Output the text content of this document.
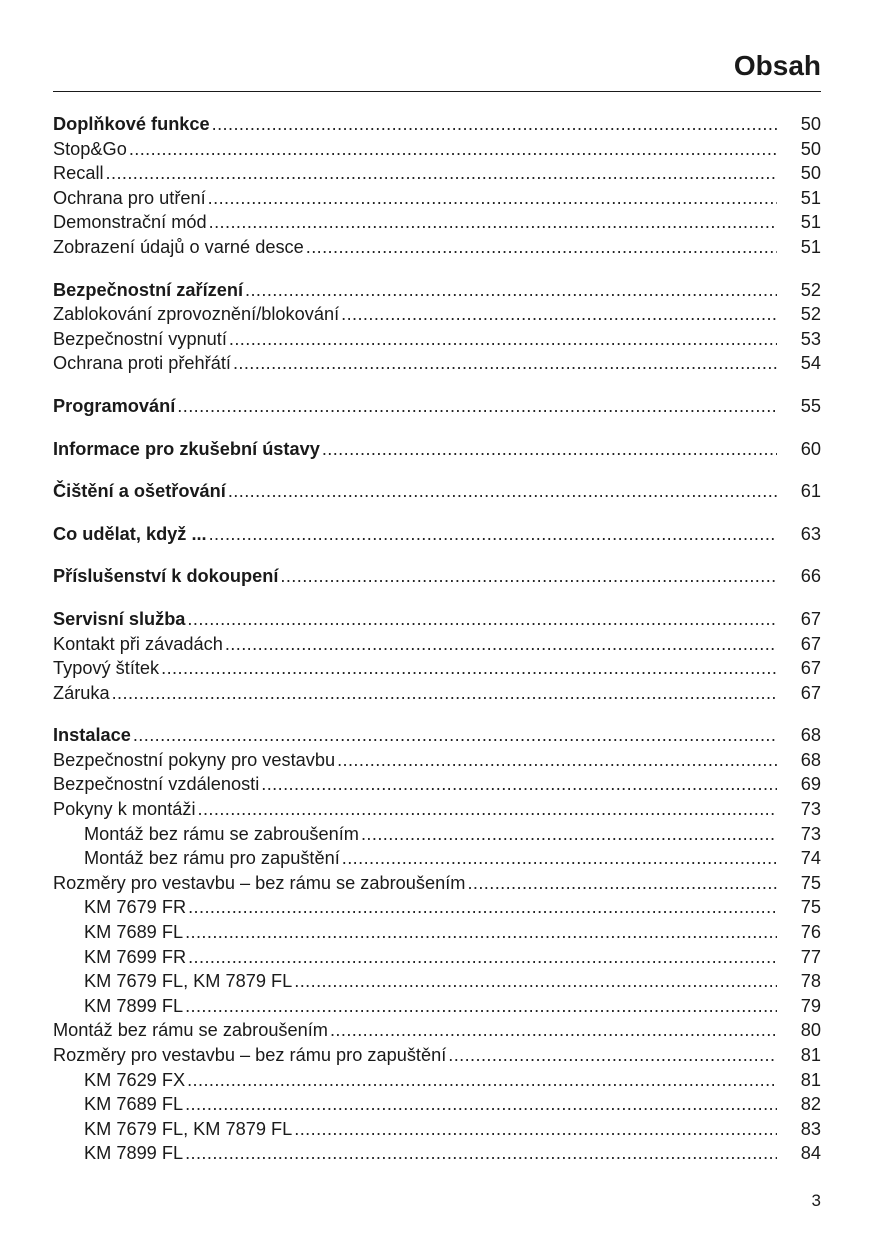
Obsah
Doplňkové funkce .....	50
Stop&Go .....	50
Recall .....	50
Ochrana pro utření .....	51
Demonstrační mód .....	51
Zobrazení údajů o varné desce .....	51
Bezpečnostní zařízení .....	52
Zablokování zprovoznění/blokování .....	52
Bezpečnostní vypnutí .....	53
Ochrana proti přehřátí .....	54
Programování .....	55
Informace pro zkušební ústavy .....	60
Čištění a ošetřování .....	61
Co udělat, když ... .....	63
Příslušenství k dokoupení .....	66
Servisní služba .....	67
Kontakt při závadách .....	67
Typový štítek .....	67
Záruka .....	67
Instalace .....	68
Bezpečnostní pokyny pro vestavbu .....	68
Bezpečnostní vzdálenosti .....	69
Pokyny k montáži .....	73
Montáž bez rámu se zabroušením .....	73
Montáž bez rámu pro zapuštění .....	74
Rozměry pro vestavbu – bez rámu se zabroušením .....	75
KM 7679 FR .....	75
KM 7689 FL .....	76
KM 7699 FR .....	77
KM 7679 FL, KM 7879 FL .....	78
KM 7899 FL .....	79
Montáž bez rámu se zabroušením .....	80
Rozměry pro vestavbu – bez rámu pro zapuštění .....	81
KM 7629 FX .....	81
KM 7689 FL .....	82
KM 7679 FL, KM 7879 FL .....	83
KM 7899 FL .....	84
3
